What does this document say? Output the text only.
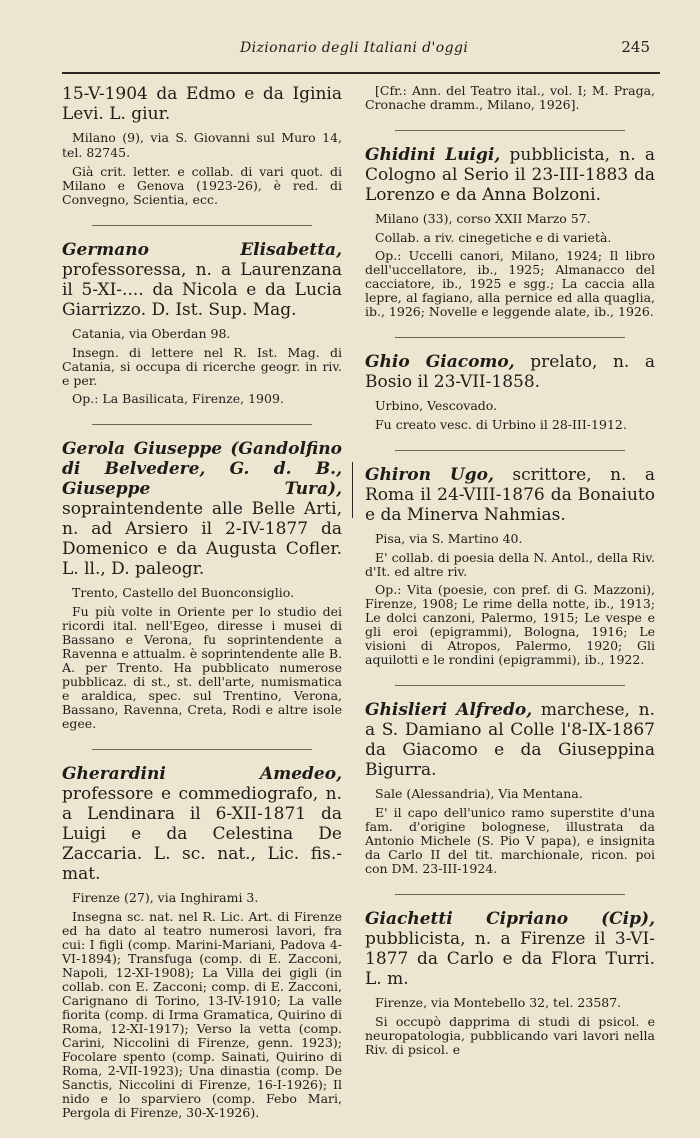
Dizionario degli Italiani d'oggi	245

15-V-1904 da Edmo e da Iginia Levi. L. giur.

Milano (9), via S. Giovanni sul Muro 14, tel. 82745.

Già crit. letter. e collab. di vari quot. di Milano e Genova (1923-26), è red. di Convegno, Scientia, ecc.

Germano Elisabetta, professoressa, n. a Laurenzana il 5-XI-.... da Nicola e da Lucia Giarrizzo. D. Ist. Sup. Mag.

Catania, via Oberdan 98.

Insegn. di lettere nel R. Ist. Mag. di Catania, si occupa di ricerche geogr. in riv. e per.

Op.: La Basilicata, Firenze, 1909.

Gerola Giuseppe (Gandolfino di Belvedere, G. d. B., Giuseppe Tura), sopraintendente alle Belle Arti, n. ad Arsiero il 2-IV-1877 da Domenico e da Augusta Cofler. L. ll., D. paleogr.

Trento, Castello del Buonconsiglio.

Fu più volte in Oriente per lo studio dei ricordi ital. nell'Egeo, diresse i musei di Bassano e Verona, fu soprintendente a Ravenna e attualm. è soprintendente alle B. A. per Trento. Ha pubblicato numerose pubblicaz. di st., st. dell'arte, numismatica e araldica, spec. sul Trentino, Verona, Bassano, Ravenna, Creta, Rodi e altre isole egee.

Gherardini Amedeo, professore e commediografo, n. a Lendinara il 6-XII-1871 da Luigi e da Celestina De Zaccaria. L. sc. nat., Lic. fis.-mat.

Firenze (27), via Inghirami 3.

Insegna sc. nat. nel R. Lic. Art. di Firenze ed ha dato al teatro numerosi lavori, fra cui: I figli (comp. Marini-Mariani, Padova 4-VI-1894); Transfuga (comp. di E. Zacconi, Napoli, 12-XI-1908); La Villa dei gigli (in collab. con E. Zacconi; comp. di E. Zacconi, Carignano di Torino, 13-IV-1910; La valle fiorita (comp. di Irma Gramatica, Quirino di Roma, 12-XI-1917); Verso la vetta (comp. Carini, Niccolini di Firenze, genn. 1923); Focolare spento (comp. Sainati, Quirino di Roma, 2-VII-1923); Una dinastia (comp. De Sanctis, Niccolini di Firenze, 16-I-1926); Il nido e lo sparviero (comp. Febo Mari, Pergola di Firenze, 30-X-1926).

[Cfr.: Ann. del Teatro ital., vol. I; M. Praga, Cronache dramm., Milano, 1926].

Ghidini Luigi, pubblicista, n. a Cologno al Serio il 23-III-1883 da Lorenzo e da Anna Bolzoni.

Milano (33), corso XXII Marzo 57.

Collab. a riv. cinegetiche e di varietà.

Op.: Uccelli canori, Milano, 1924; Il libro dell'uccellatore, ib., 1925; Almanacco del cacciatore, ib., 1925 e sgg.; La caccia alla lepre, al fagiano, alla pernice ed alla quaglia, ib., 1926; Novelle e leggende alate, ib., 1926.

Ghio Giacomo, prelato, n. a Bosio il 23-VII-1858.

Urbino, Vescovado.

Fu creato vesc. di Urbino il 28-III-1912.

Ghiron Ugo, scrittore, n. a Roma il 24-VIII-1876 da Bonaiuto e da Minerva Nahmias.

Pisa, via S. Martino 40.

E' collab. di poesia della N. Antol., della Riv. d'It. ed altre riv.

Op.: Vita (poesie, con pref. di G. Mazzoni), Firenze, 1908; Le rime della notte, ib., 1913; Le dolci canzoni, Palermo, 1915; Le vespe e gli eroi (epigrammi), Bologna, 1916; Le visioni di Atropos, Palermo, 1920; Gli aquilotti e le rondini (epigrammi), ib., 1922.

Ghislieri Alfredo, marchese, n. a S. Damiano al Colle l'8-IX-1867 da Giacomo e da Giuseppina Bigurra.

Sale (Alessandria), Via Mentana.

E' il capo dell'unico ramo superstite d'una fam. d'origine bolognese, illustrata da Antonio Michele (S. Pio V papa), e insignita da Carlo II del tit. marchionale, ricon. poi con DM. 23-III-1924.

Giachetti Cipriano (Cip), pubblicista, n. a Firenze il 3-VI-1877 da Carlo e da Flora Turri. L. m.

Firenze, via Montebello 32, tel. 23587.

Si occupò dapprima di studi di psicol. e neuropatologia, pubblicando vari lavori nella Riv. di psicol. e
